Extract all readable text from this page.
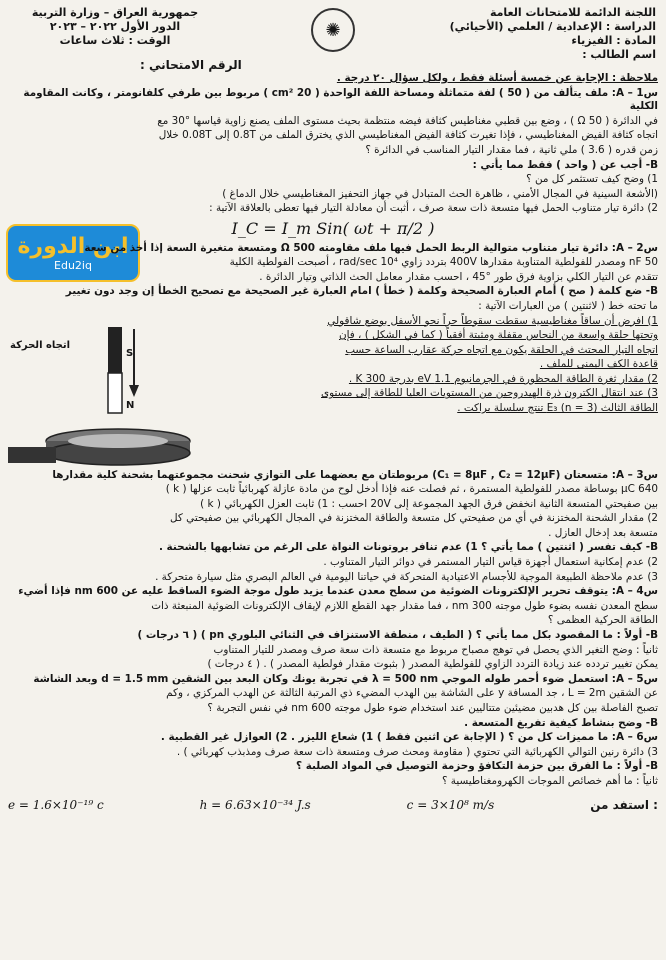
اللجنة الدائمة للامتحانات العامة
الدراسة : الإعدادية / العلمي (الأحيائي)
المادة : الفيزياء
اسم الطالب :
✺
جمهورية العراق – وزارة التربية
الدور الأول ٢٠٢٢ – ٢٠٢٣
الوقت : ثلاث ساعات
الرقم الامتحاني :
ابن الدورة
Edu2iq

ملاحظة : الإجابة عن خمسة أسئلة فقط ، ولكل سؤال ٢٠ درجة .

س1 – A: ملف يتألف من ( 50 ) لفة متماثلة ومساحة اللفة الواحدة ( 20 cm² ) مربوط بين طرفي كلفانومتر ، وكانت المقاومة الكلية

في الدائرة ( 50 Ω ) ، وضع بين قطبي مغناطيس كثافة فيضه منتظمة بحيث مستوى الملف يصنع زاوية قياسها °30 مع

اتجاه كثافة الفيض المغناطيسي ، فإذا تغيرت كثافة الفيض المغناطيسي الذي يخترق الملف من 0.8T إلى 0.08T خلال

زمن قدره ( 3.6 ) ملي ثانية ، فما مقدار التيار المناسب في الدائرة ؟

B- أجب عن ( واحد ) فقط مما يأتي :

1) وضح كيف تستثمر كل من ؟

(الأشعة السينية في المجال الأمني ، ظاهرة الحث المتبادل في جهاز التحفيز المغناطيسي خلال الدماغ )

2) دائرة تيار متناوب الحمل فيها متسعة ذات سعة صرف ، أثبت أن معادلة التيار فيها تعطى بالعلاقة الآتية :

I_C = I_m Sin( ωt + π/2 )

س2 – A: دائرة تيار متناوب متوالية الربط الحمل فيها ملف مقاومته 500 Ω ومتسعة متغيرة السعة إذا أخذ من سعة

50 nF ومصدر للفولطية المتناوبة مقدارها 400V بتردد زاوي 10⁴ rad/sec ، أصبحت الفولطية الكلية

تتقدم عن التيار الكلي بزاوية فرق طور °45 ، احسب مقدار معامل الحث الذاتي وتيار الدائرة .

B- ضع كلمة ( صح ) أمام العبارة الصحيحة وكلمة ( خطأ ) امام العبارة غير الصحيحة مع تصحيح الخطأ إن وجد دون تغيير

ما تحته خط ( لاثنتين ) من العبارات الآتية :

اتجاه الحركة
S
N

1) افرض أن ساقاً مغناطيسية سقطت سقوطاً حراً نحو الأسفل بوضع شاقولي

وتحتها حلقة واسعة من النحاس مقفلة ومثبتة أفقياً ( كما في الشكل ) ، فإن

اتجاه التيار المحتث في الحلقة يكون مع اتجاه حركة عقارب الساعة حسب

قاعدة الكف اليمنى للملف .

2) مقدار ثغرة الطاقة المحظورة في الجرمانيوم 1.1 eV بدرجة 300 K .

3) عند انتقال الكترون ذرة الهيدروجين من المستويات العليا للطاقة إلى مستوى

الطاقة الثالث E₃ (n = 3) تنتج سلسلة براكت .

س3 – A: متسعتان (C₁ = 8μF , C₂ = 12μF) مربوطتان مع بعضهما على التوازي شحنت مجموعتهما بشحنة كلية مقدارها

640 μC بوساطة مصدر للفولطية المستمرة ، ثم فصلت عنه فإذا أدخل لوح من مادة عازلة كهربائياً ثابت عزلها ( k )

بين صفيحتي المتسعة الثانية انخفض فرق الجهد المجموعة إلى 20V احسب : 1) ثابت العزل الكهربائي ( k )

2) مقدار الشحنة المختزنة في أي من صفيحتي كل متسعة والطاقة المختزنة في المجال الكهربائي بين صفيحتي كل

متسعة بعد إدخال العازل .

B- كيف تفسر ( اثنتين ) مما يأتي ؟ 1) عدم تنافر بروتونات النواة على الرغم من تشابهها بالشحنة .

2) عدم إمكانية استعمال أجهزة قياس التيار المستمر في دوائر التيار المتناوب .

3) عدم ملاحظة الطبيعة الموجية للأجسام الاعتيادية المتحركة في حياتنا اليومية في العالم البصري مثل سيارة متحركة .

س4 – A: يتوقف تحرير الإلكترونات الضوئية من سطح معدن عندما يزيد طول موجة الضوء الساقط عليه عن 600 nm فإذا أضيء

سطح المعدن نفسه بضوء طول موجته 300 nm ، فما مقدار جهد القطع اللازم لإيقاف الإلكترونات الضوئية المنبعثة ذات

الطاقة الحركية العظمى ؟

B- أولاً : ما المقصود بكل مما يأتي ؟ ( الطيف ، منطقة الاستنزاف في الثنائي البلوري pn ) ( ٦ درجات )

ثانياً : وضح التغير الذي يحصل في توهج مصباح مربوط مع متسعة ذات سعة صرف ومصدر للتيار المتناوب

يمكن تغيير تردده عند زيادة التردد الزاوي للفولطية المصدر ( بثبوت مقدار فولطية المصدر ) . ( ٤ درجات )

س5 – A: استعمل ضوء أحمر طوله الموجي λ = 500 nm في تجربة يونك وكان البعد بين الشقين d = 1.5 mm وبعد الشاشة

عن الشقين L = 2m ، جد المسافة y على الشاشة بين الهدب المضيء ذي المرتبة الثالثة عن الهدب المركزي ، وكم

تصبح الفاصلة بين كل هدبين مضيئين متتاليين عند استخدام ضوء طول موجته 600 nm في نفس التجربة ؟

B- وضح بنشاط كيفية تفريغ المتسعة .

س6 – A: ما مميزات كل من ؟ ( الإجابة عن اثنين فقط ) 1) شعاع الليزر . 2) العوازل غير القطبية .

3) دائرة رنين التوالي الكهربائية التي تحتوي ( مقاومة ومحث صرف ومتسعة ذات سعة صرف ومذبذب كهربائي ) .

B- أولاً : ما الفرق بين حزمة التكافؤ وحزمة التوصيل في المواد الصلبة ؟

ثانياً : ما أهم خصائص الموجات الكهرومغناطيسية ؟

e = 1.6×10⁻¹⁹ c	h = 6.63×10⁻³⁴ J.s	c = 3×10⁸ m/s	استفد من :
